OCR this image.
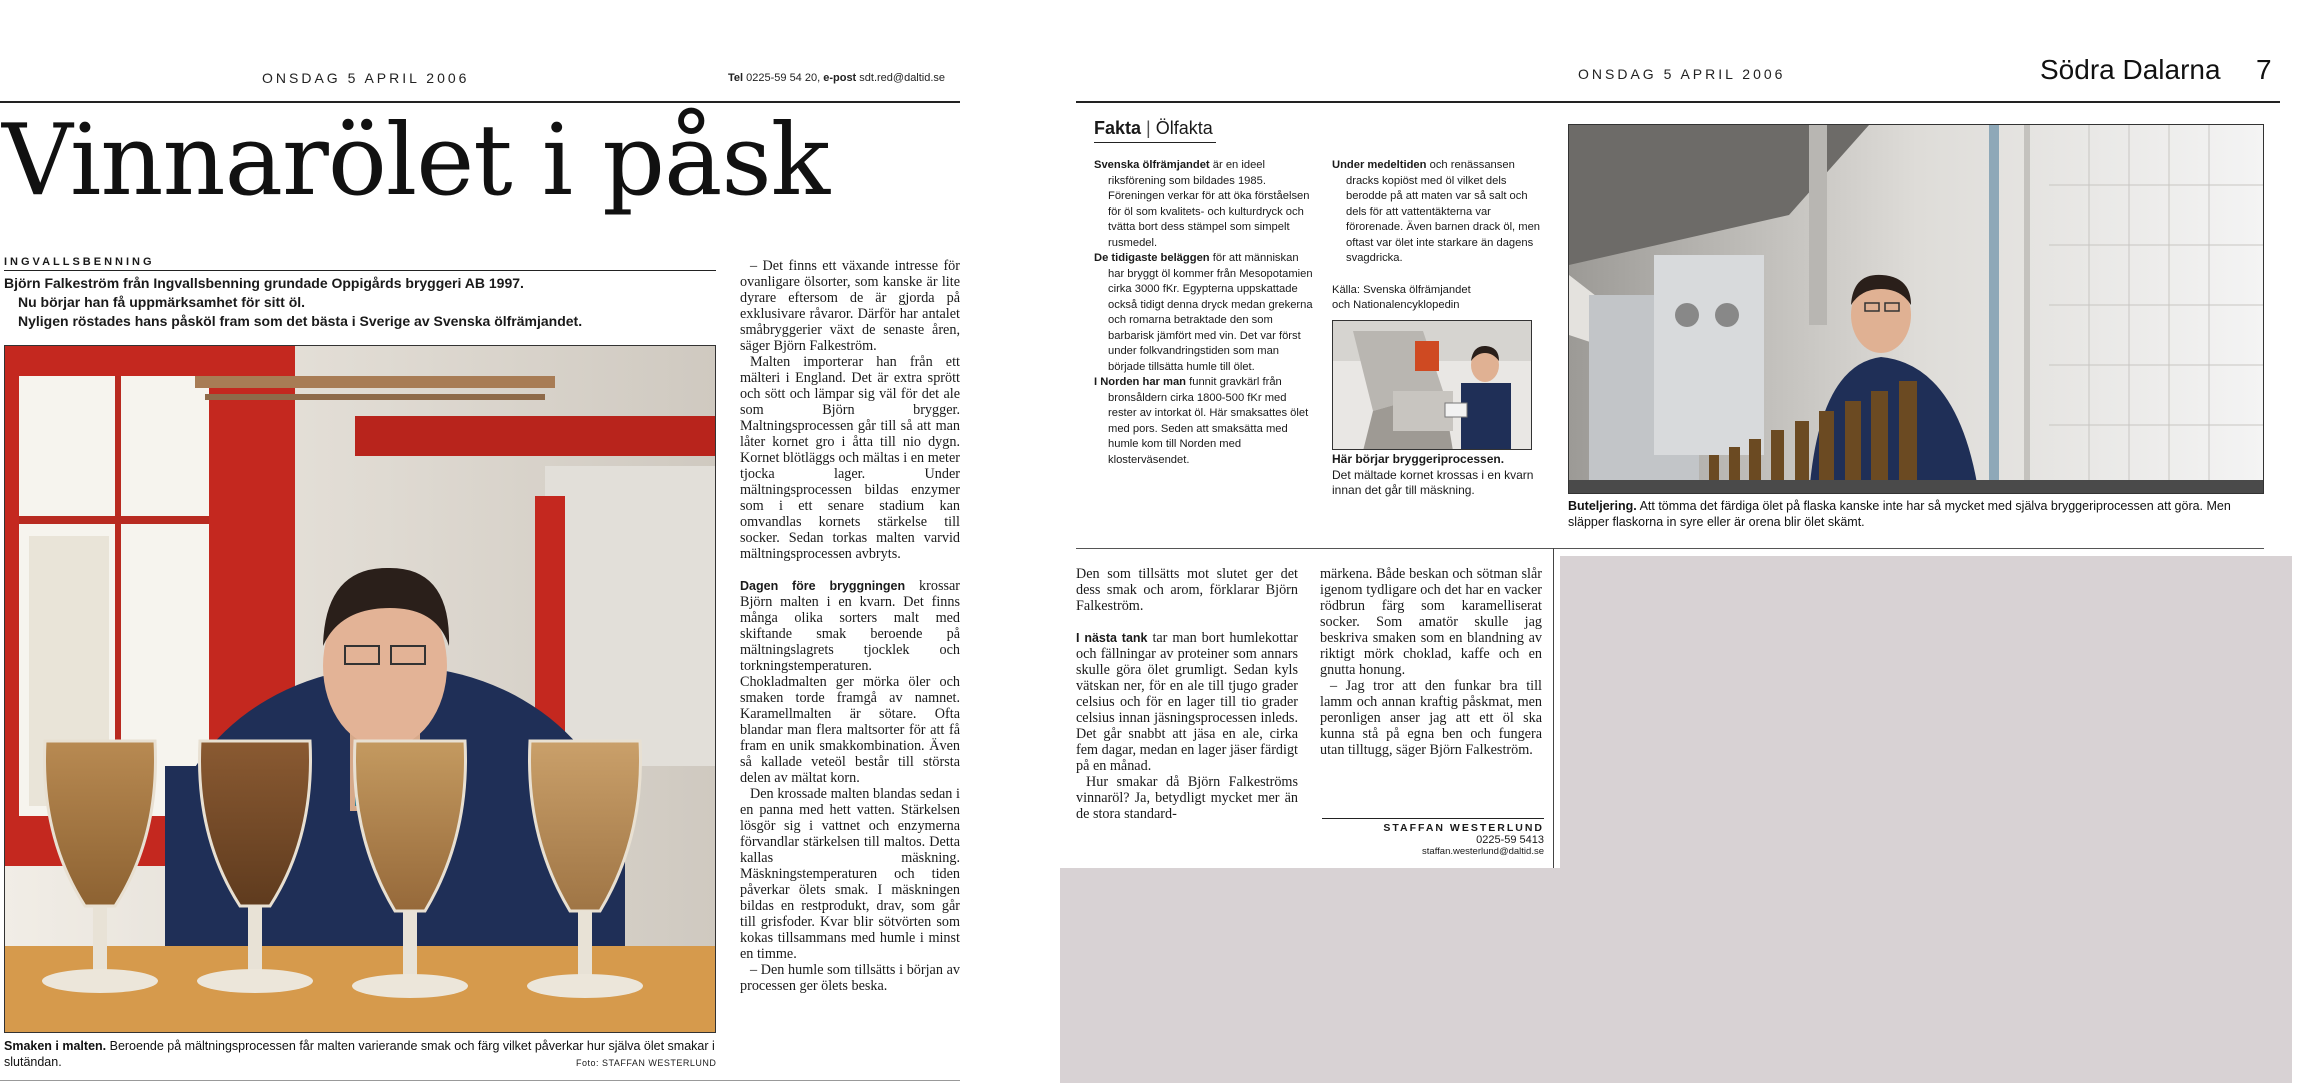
ONSDAG 5 APRIL 2006	Tel 0225-59 54 20, e-post sdt.red@daltid.se
Vinnarölet i påsk
INGVALLSBENNING
Björn Falkeström från Ingvallsbenning grundade Oppigårds bryggeri AB 1997.
Nu börjar han få uppmärksamhet för sitt öl.
Nyligen röstades hans påsköl fram som det bästa i Sverige av Svenska ölfrämjandet.
Smaken i malten. Beroende på mältningsprocessen får malten varierande smak och färg vilket påverkar hur själva ölet smakar i slutändan.	Foto: STAFFAN WESTERLUND

– Det finns ett växande intresse för ovanligare ölsorter, som kanske är lite dyrare eftersom de är gjorda på exklusivare råvaror. Därför har antalet småbryggerier växt de senaste åren, säger Björn Falkeström.

Malten importerar han från ett mälteri i England. Det är extra sprött och sött och lämpar sig väl för det ale som Björn brygger. Maltningsprocessen går till så att man låter kornet gro i åtta till nio dygn. Kornet blötläggs och mältas i en meter tjocka lager. Under mältningsprocessen bildas enzymer som i ett senare stadium kan omvandlas kornets stärkelse till socker. Sedan torkas malten varvid mältningsprocessen avbryts.

Dagen före bryggningen krossar Björn malten i en kvarn. Det finns många olika sorters malt med skiftande smak beroende på mältningslagrets tjocklek och torkningstemperaturen. Chokladmalten ger mörka öler och smaken torde framgå av namnet. Karamellmalten är sötare. Ofta blandar man flera maltsorter för att få fram en unik smakkombination. Även så kallade veteöl består till största delen av mältat korn.

Den krossade malten blandas sedan i en panna med hett vatten. Stärkelsen lösgör sig i vattnet och enzymerna förvandlar stärkelsen till maltos. Detta kallas mäskning. Mäskningstemperaturen och tiden påverkar ölets smak. I mäskningen bildas en restprodukt, drav, som går till grisfoder. Kvar blir sötvörten som kokas tillsammans med humle i minst en timme.

– Den humle som tillsätts i början av processen ger ölets beska.

ONSDAG 5 APRIL 2006	Södra Dalarna 7
Fakta | Ölfakta

Svenska ölfrämjandet är en ideel riksförening som bildades 1985. Föreningen verkar för att öka förståelsen för öl som kvalitets- och kulturdryck och tvätta bort dess stämpel som simpelt rusmedel.

De tidigaste beläggen för att människan har bryggt öl kommer från Mesopotamien cirka 3000 fKr. Egypterna uppskattade också tidigt denna dryck medan grekerna och romarna betraktade den som barbarisk jämfört med vin. Det var först under folkvandringstiden som man började tillsätta humle till ölet.

I Norden har man funnit gravkärl från bronsåldern cirka 1800-500 fKr med rester av intorkat öl. Här smaksattes ölet med pors. Seden att smaksätta med humle kom till Norden med klosterväsendet.

Under medeltiden och renässansen dracks kopiöst med öl vilket dels berodde på att maten var så salt och dels för att vattentäkterna var förorenade. Även barnen drack öl, men oftast var ölet inte starkare än dagens svagdricka.

Källa: Svenska ölfrämjandet

och Nationalencyklopedin

Här börjar bryggeriprocessen.
Det mältade kornet krossas i en kvarn innan det går till mäskning.
Buteljering. Att tömma det färdiga ölet på flaska kanske inte har så mycket med själva bryggeriprocessen att göra. Men släpper flaskorna in syre eller är orena blir ölet skämt.

Den som tillsätts mot slutet ger det dess smak och arom, förklarar Björn Falkeström.

I nästa tank tar man bort humlekottar och fällningar av proteiner som annars skulle göra ölet grumligt. Sedan kyls vätskan ner, för en ale till tjugo grader celsius och för en lager till tio grader celsius innan jäsningsprocessen inleds. Det går snabbt att jäsa en ale, cirka fem dagar, medan en lager jäser färdigt på en månad.

Hur smakar då Björn Falkeströms vinnaröl? Ja, betydligt mycket mer än de stora standard-

märkena. Både beskan och sötman slår igenom tydligare och det har en vacker rödbrun färg som karamelliserat socker. Som amatör skulle jag beskriva smaken som en blandning av riktigt mörk choklad, kaffe och en gnutta honung.

– Jag tror att den funkar bra till lamm och annan kraftig påskmat, men peronligen anser jag att ett öl ska kunna stå på egna ben och fungera utan tilltugg, säger Björn Falkeström.

STAFFAN WESTERLUND
0225-59 5413
staffan.westerlund@daltid.se
